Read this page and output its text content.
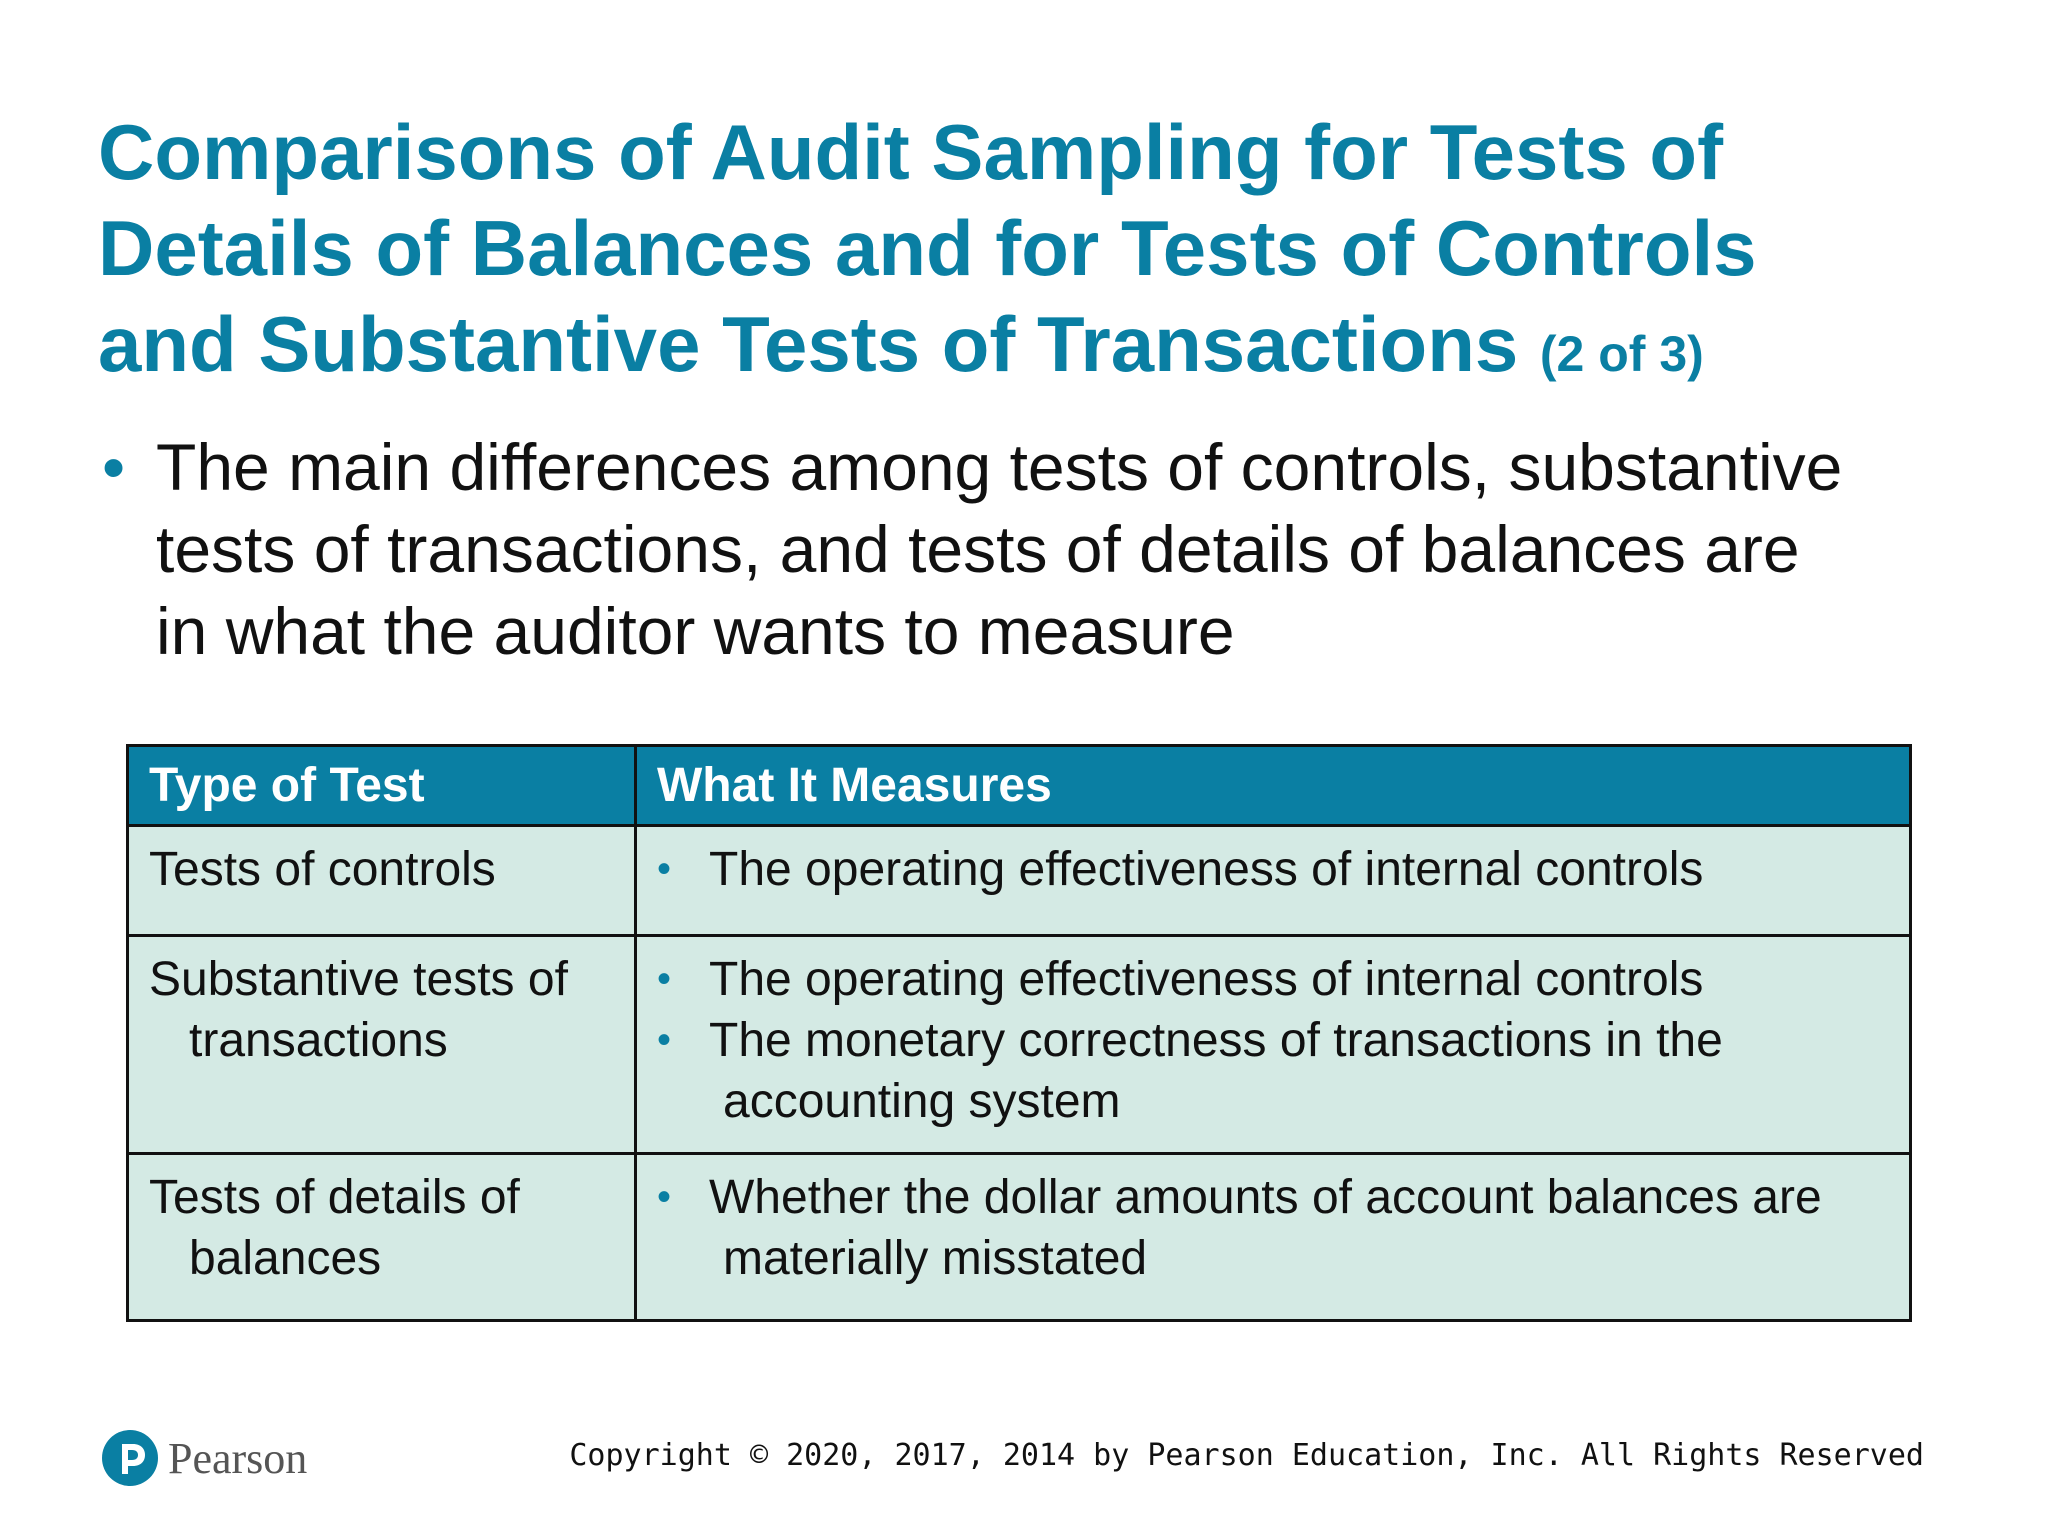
Comparisons of Audit Sampling for Tests of
Details of Balances and for Tests of Controls
and Substantive Tests of Transactions (2 of 3)
• The main differences among tests of controls, substantive
tests of transactions, and tests of details of balances are
in what the auditor wants to measure
Type of Test	What It Measures

Tests of controls	• The operating effectiveness of internal controls

Substantive tests of transactions	• The operating effectiveness of internal controls
• The monetary correctness of transactions in the
accounting system

Tests of details of balances	• Whether the dollar amounts of account balances are
materially misstated
Pearson	Copyright © 2020, 2017, 2014 by Pearson Education, Inc. All Rights Reserved
